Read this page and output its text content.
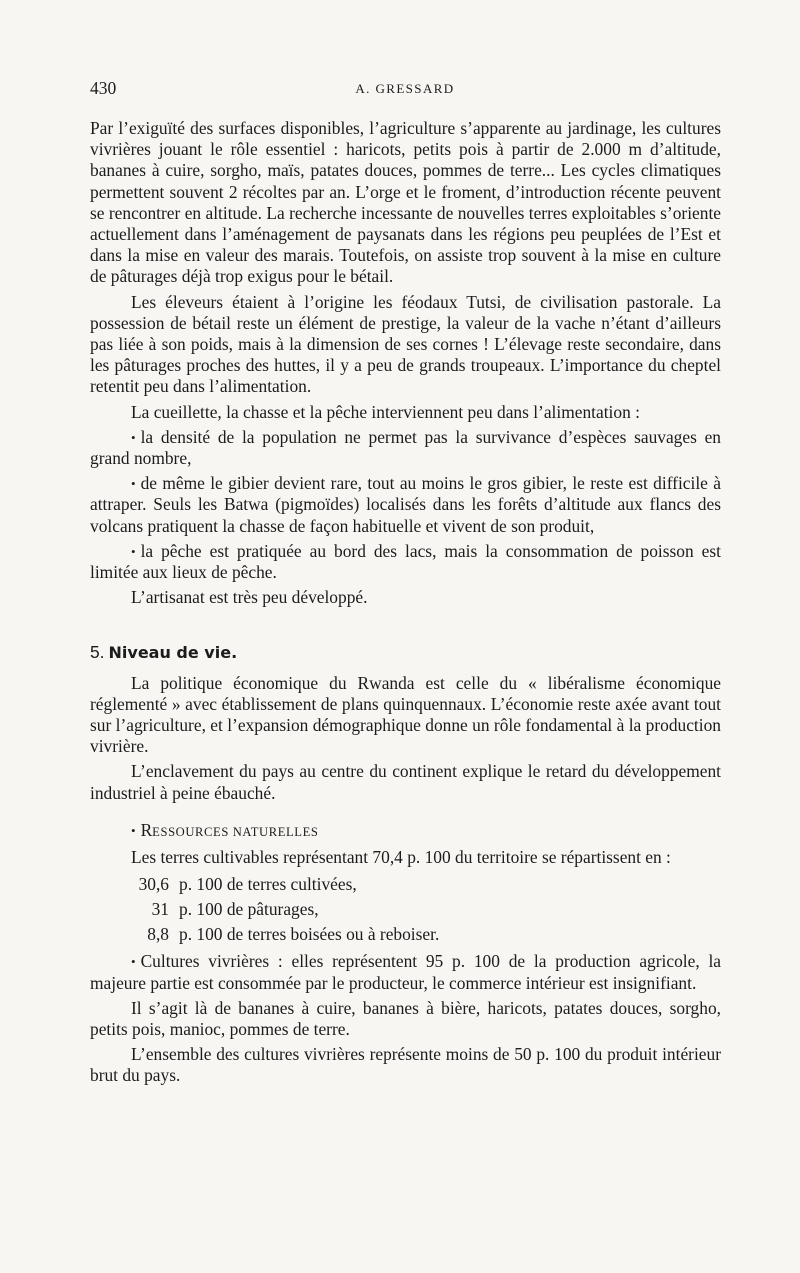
430	A. GRESSARD

Par l’exiguïté des surfaces disponibles, l’agriculture s’apparente au jardinage, les cultures vivrières jouant le rôle essentiel : haricots, petits pois à partir de 2.000 m d’altitude, bananes à cuire, sorgho, maïs, patates douces, pommes de terre... Les cycles climatiques permettent souvent 2 récoltes par an. L’orge et le froment, d’introduction récente peuvent se rencontrer en altitude. La recherche incessante de nouvelles terres exploitables s’oriente actuellement dans l’aménagement de paysanats dans les régions peu peuplées de l’Est et dans la mise en valeur des marais. Toutefois, on assiste trop souvent à la mise en culture de pâturages déjà trop exigus pour le bétail.

Les éleveurs étaient à l’origine les féodaux Tutsi, de civilisation pastorale. La possession de bétail reste un élément de prestige, la valeur de la vache n’étant d’ailleurs pas liée à son poids, mais à la dimension de ses cornes ! L’élevage reste secondaire, dans les pâturages proches des huttes, il y a peu de grands troupeaux. L’importance du cheptel retentit peu dans l’alimentation.

La cueillette, la chasse et la pêche interviennent peu dans l’alimentation :

• la densité de la population ne permet pas la survivance d’espèces sauvages en grand nombre,

• de même le gibier devient rare, tout au moins le gros gibier, le reste est difficile à attraper. Seuls les Batwa (pigmoïdes) localisés dans les forêts d’altitude aux flancs des volcans pratiquent la chasse de façon habituelle et vivent de son produit,

• la pêche est pratiquée au bord des lacs, mais la consommation de poisson est limitée aux lieux de pêche.

L’artisanat est très peu développé.

5. Niveau de vie.

La politique économique du Rwanda est celle du « libéralisme économique réglementé » avec établissement de plans quinquennaux. L’économie reste axée avant tout sur l’agriculture, et l’expansion démographique donne un rôle fondamental à la production vivrière.

L’enclavement du pays au centre du continent explique le retard du développement industriel à peine ébauché.

• RESSOURCES NATURELLES

Les terres cultivables représentant 70,4 p. 100 du territoire se répartissent en :

30,6 p. 100 de terres cultivées,
31 p. 100 de pâturages,
8,8 p. 100 de terres boisées ou à reboiser.

• Cultures vivrières : elles représentent 95 p. 100 de la production agricole, la majeure partie est consommée par le producteur, le commerce intérieur est insignifiant.

Il s’agit là de bananes à cuire, bananes à bière, haricots, patates douces, sorgho, petits pois, manioc, pommes de terre.

L’ensemble des cultures vivrières représente moins de 50 p. 100 du produit intérieur brut du pays.
